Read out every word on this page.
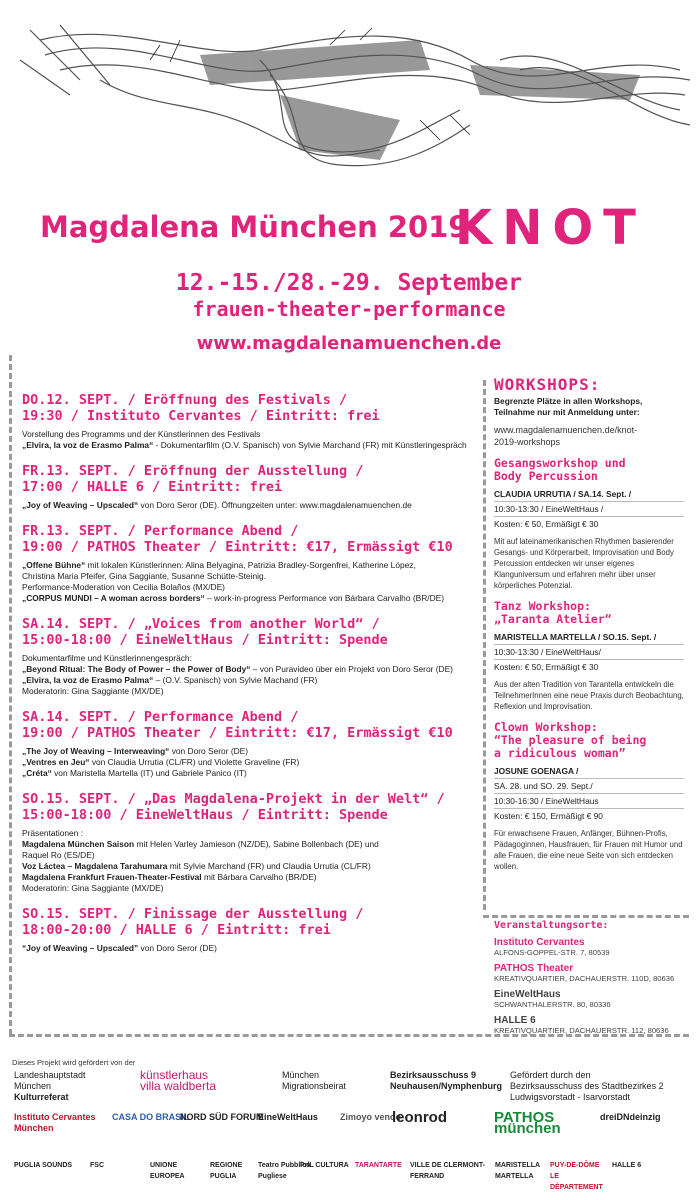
Magdalena München 2019
KNOT
12.-15./28.-29. September
frauen-theater-performance
www.magdalenamuenchen.de
DO.12. SEPT. / Eröffnung des Festivals /
19:30 / Instituto Cervantes / Eintritt: frei

Vorstellung des Programms und der Künstlerinnen des Festivals

„Elvira, la voz de Erasmo Palma“ - Dokumentarfilm (O.V. Spanisch) von Sylvie Marchand (FR) mit Künstleringespräch

FR.13. SEPT. / Eröffnung der Ausstellung /
17:00 / HALLE 6 / Eintritt: frei

„Joy of Weaving – Upscaled“ von Doro Seror (DE). Öffnungzeiten unter: www.magdalenamuenchen.de

FR.13. SEPT. / Performance Abend /
19:00 / PATHOS Theater / Eintritt: €17, Ermässigt €10

„Offene Bühne“ mit lokalen Künstlerinnen: Alina Belyagina, Patrizia Bradley-Sorgenfrei, Katherine López,

Christina Maria Pfeifer, Gina Saggiante, Susanne Schütte-Steinig.

Performance-Moderation von Cecilia Bolaños (MX/DE)

„CORPUS MUNDI – A woman across borders“ – work-in-progress Performance von Bárbara Carvalho (BR/DE)

SA.14. SEPT. / „Voices from another World“ /
15:00-18:00 / EineWeltHaus / Eintritt: Spende

Dokumentarfilme und Künstlerinnengespräch:

„Beyond Ritual: The Body of Power – the Power of Body“ – von Puravideo über ein Projekt von Doro Seror (DE)

„Elvira, la voz de Erasmo Palma“ – (O.V. Spanisch) von Sylvie Machand (FR)

Moderatorin: Gina Saggiante (MX/DE)

SA.14. SEPT. / Performance Abend /
19:00 / PATHOS Theater / Eintritt: €17, Ermässigt €10

„The Joy of Weaving – Interweaving“ von Doro Seror (DE)

„Ventres en Jeu“ von Claudia Urrutia (CL/FR) und Violette Graveline (FR)

„Créta“ von Maristella Martella (IT) und Gabriele Panico (IT)

SO.15. SEPT. / „Das Magdalena-Projekt in der Welt“ /
15:00-18:00 / EineWeltHaus / Eintritt: Spende

Präsentationen :

Magdalena München Saison mit Helen Varley Jamieson (NZ/DE), Sabine Bollenbach (DE) und

Raquel Ro (ES/DE)

Voz Láctea – Magdalena Tarahumara mit Sylvie Marchand (FR) und Claudia Urrutia (CL/FR)

Magdalena Frankfurt Frauen-Theater-Festival mit Bárbara Carvalho (BR/DE)

Moderatorin: Gina Saggiante (MX/DE)

SO.15. SEPT. / Finissage der Ausstellung /
18:00-20:00 / HALLE 6 / Eintritt: frei

“Joy of Weaving – Upscaled” von Doro Seror (DE)

WORKSHOPS:
Begrenzte Plätze in allen Workshops,
Teilnahme nur mit Anmeldung unter:
www.magdalenamuenchen.de/knot-
2019-workshops
Gesangsworkshop und
Body Percussion

CLAUDIA URRUTIA / SA.14. Sept. /

10:30-13:30 / EineWeltHaus /

Kosten: € 50, Ermäßigt € 30

Mit auf lateinamerikanischen Rhythmen basierender Gesangs- und Körperarbeit, Improvisation und Body Percussion entdecken wir unser eigenes Klanguniversum und erfahren mehr über unser körperliches Potenzial.
Tanz Workshop:
„Taranta Atelier“

MARISTELLA MARTELLA / SO.15. Sept. /

10:30-13:30 / EineWeltHaus/

Kosten: € 50, Ermäßigt € 30

Aus der alten Tradition von Tarantella entwickeln die TeilnehmerInnen eine neue Praxis durch Beobachtung, Reflexion und Improvisation.
Clown Workshop:
“The pleasure of being
a ridiculous woman”

JOSUNE GOENAGA /

SA. 28. und SO. 29. Sept./

10:30-16:30 / EineWeltHaus

Kosten: € 150, Ermäßigt € 90

Für erwachsene Frauen, Anfänger, Bühnen-Profis, Pädagoginnen, Hausfrauen, für Frauen mit Humor und alle Frauen, die eine neue Seite von sich entdecken wollen.
Veranstaltungsorte:
Instituto Cervantes
ALFONS-GOPPEL-STR. 7, 80539
PATHOS Theater
KREATIVQUARTIER, DACHAUERSTR. 110D, 80636
EineWeltHaus
SCHWANTHALERSTR. 80, 80336
HALLE 6
KREATIVQUARTIER, DACHAUERSTR. 112, 80636
Dieses Projekt wird gefördert von der
Landeshauptstadt
München
Kulturreferat
künstlerhaus
villa waldberta
München
Migrationsbeirat
Bezirksausschuss 9
Neuhausen/Nymphenburg
Gefördert durch den
Bezirksausschuss des Stadtbezirkes 2
Ludwigsvorstadt - Isarvorstadt
Instituto Cervantes München
CASA DO BRASIL
NORD SÜD FORUM
EineWeltHaus	Zimoyo venoo
leonrod	PATHOS münchen
dreiDNdeinzig
PUGLIA SOUNDS	FSC	UNIONE EUROPEA
REGIONE PUGLIA
Teatro Pubblico Pugliese
PrlL CULTURA TARANTARTE	VILLE DE CLERMONT-FERRAND
MARISTELLA MARTELLA
PUY-DE-DÔME LE DÉPARTEMENT
HALLE 6
